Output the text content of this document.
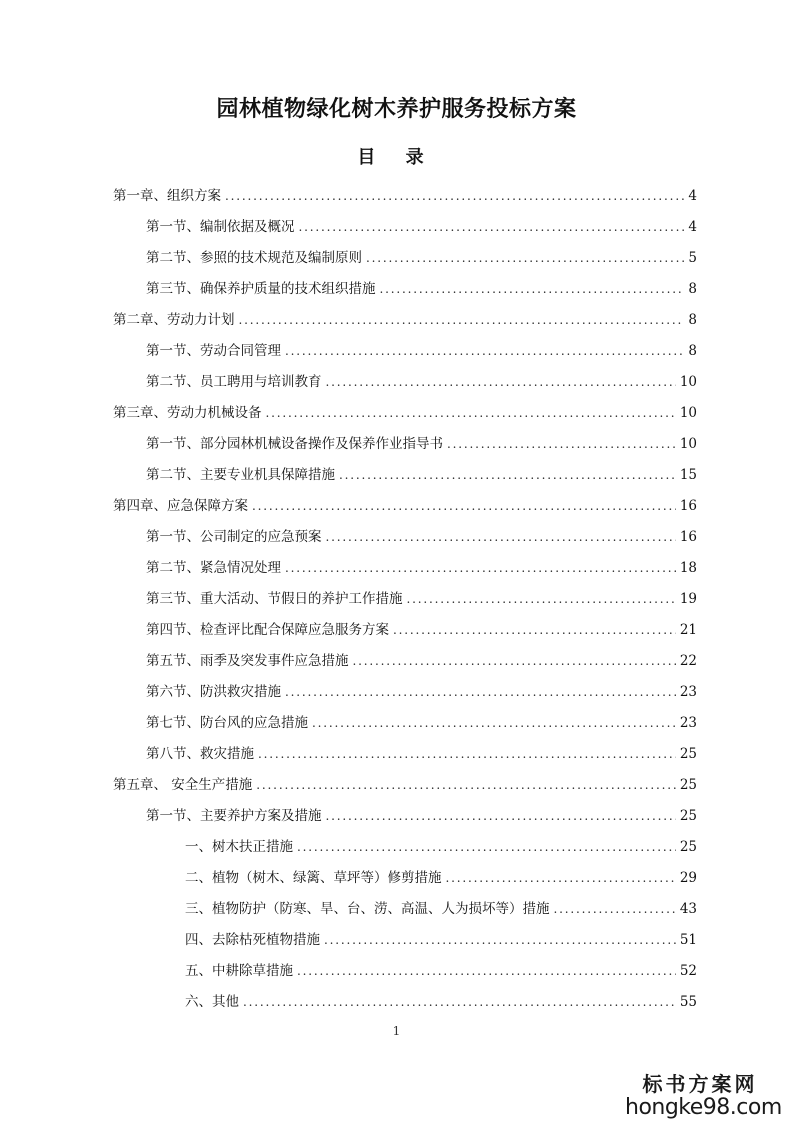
园林植物绿化树木养护服务投标方案
目 录
第一章、组织方案 . . .	4
第一节、编制依据及概况 . . .	4
第二节、参照的技术规范及编制原则 . . .	5
第三节、确保养护质量的技术组织措施 . . .	8
第二章、劳动力计划 . . .	8
第一节、劳动合同管理 . . .	8
第二节、员工聘用与培训教育 . . .	10
第三章、劳动力机械设备 . . .	10
第一节、部分园林机械设备操作及保养作业指导书 . . .	10
第二节、主要专业机具保障措施 . . .	15
第四章、应急保障方案 . . .	16
第一节、公司制定的应急预案 . . .	16
第二节、紧急情况处理 . . .	18
第三节、重大活动、节假日的养护工作措施 . . .	19
第四节、检查评比配合保障应急服务方案 . . .	21
第五节、雨季及突发事件应急措施 . . .	22
第六节、防洪救灾措施 . . .	23
第七节、防台风的应急措施 . . .	23
第八节、救灾措施 . . .	25
第五章、 安全生产措施 . . .	25
第一节、主要养护方案及措施 . . .	25
一、树木扶正措施 . . .	25
二、植物（树木、绿篱、草坪等）修剪措施 . . .	29
三、植物防护（防寒、旱、台、涝、高温、人为损坏等）措施 . . .	43
四、去除枯死植物措施 . . .	51
五、中耕除草措施 . . .	52
六、其他 . . .	55
1
标书方案网
hongke98.com
